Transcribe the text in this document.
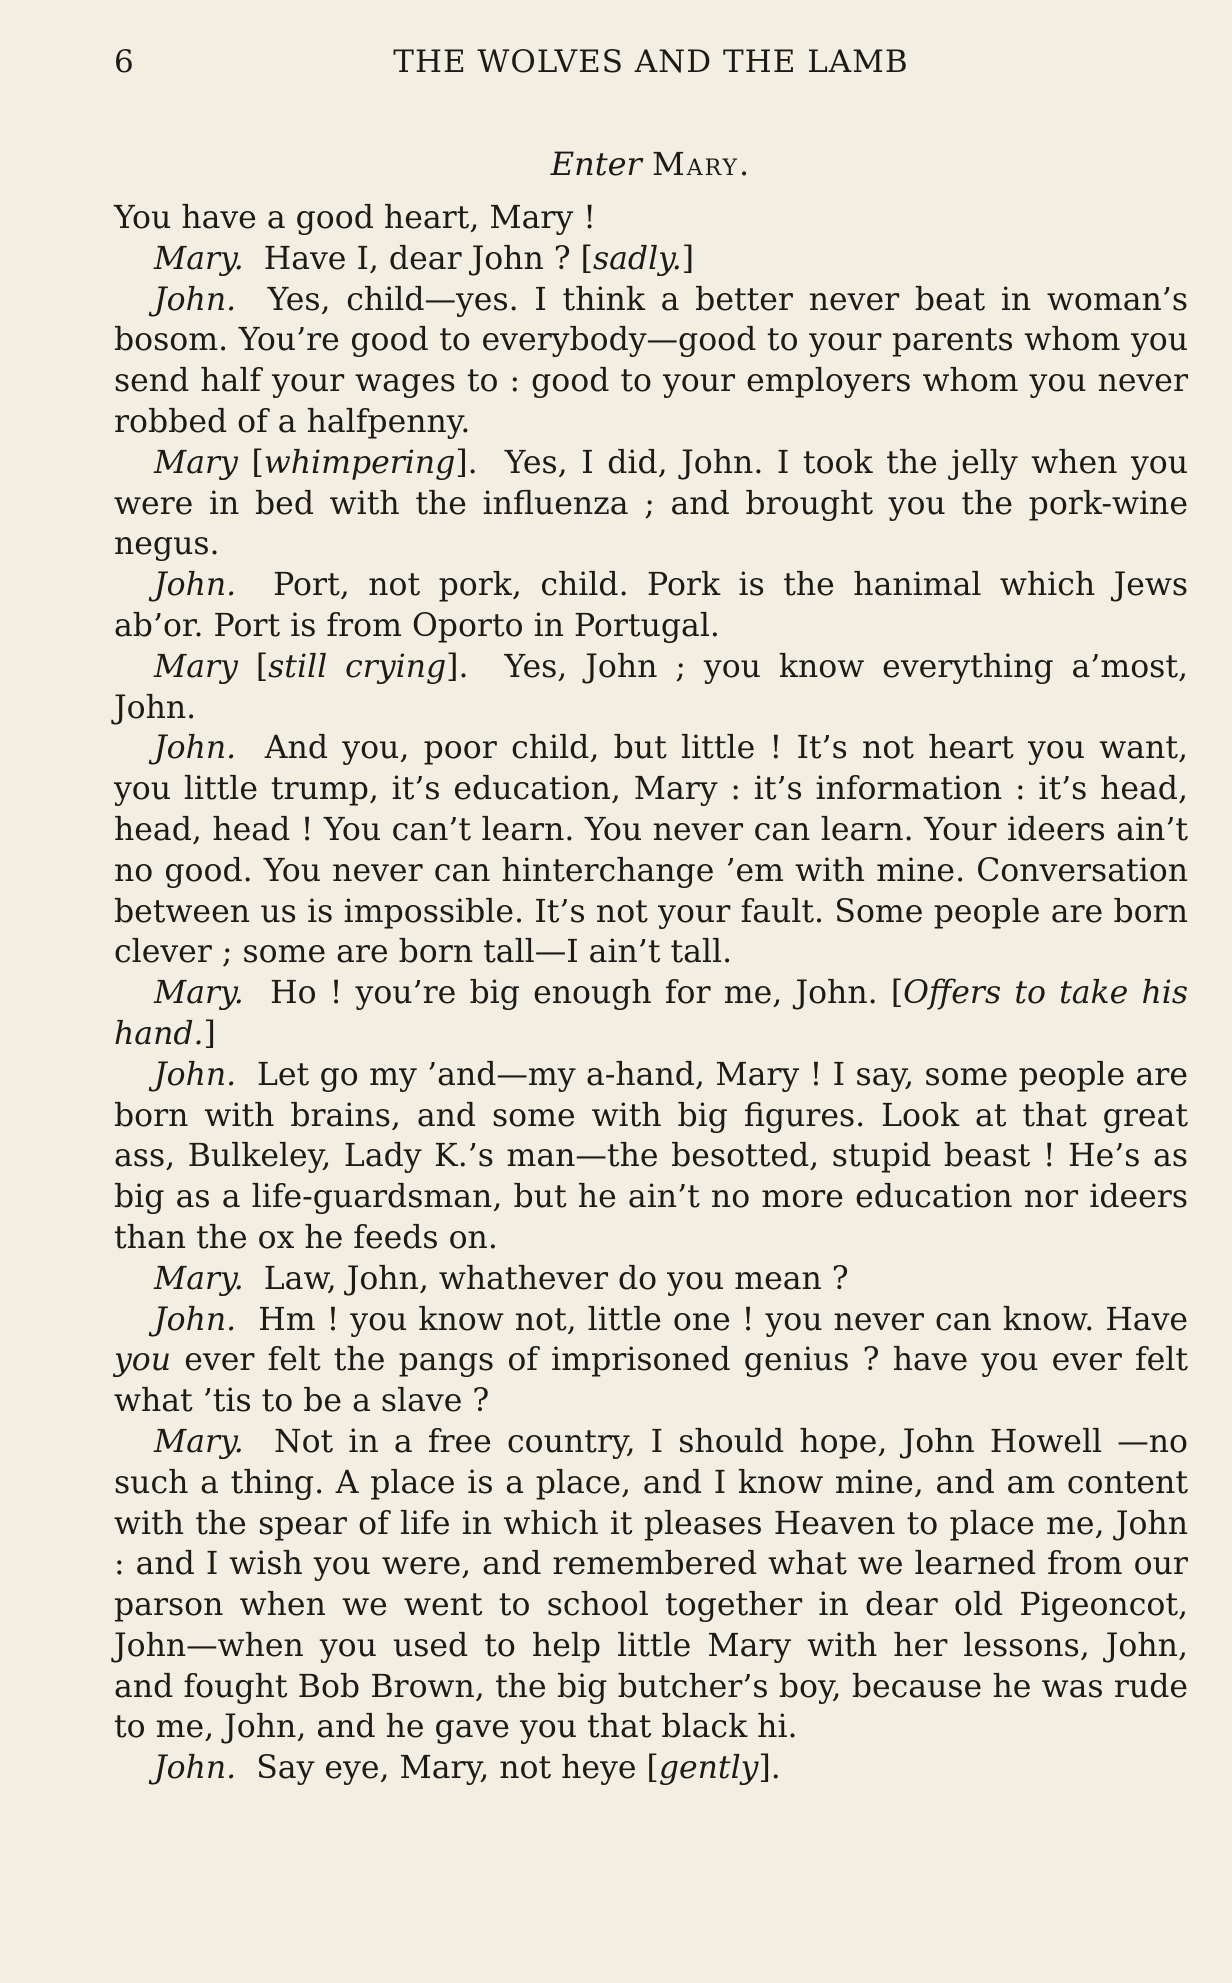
6	THE WOLVES AND THE LAMB
Enter Mary.

You have a good heart, Mary !

Mary. Have I, dear John ? [sadly.]

John. Yes, child—yes. I think a better never beat in woman’s bosom. You’re good to everybody—good to your parents whom you send half your wages to : good to your employers whom you never robbed of a halfpenny.

Mary [whimpering].  Yes, I did, John. I took the jelly when you were in bed with the influenza ; and brought you the pork-wine negus.

John. Port, not pork, child. Pork is the hanimal which Jews ab’or. Port is from Oporto in Portugal.

Mary [still crying].  Yes, John ; you know everything a’most, John.

John. And you, poor child, but little ! It’s not heart you want, you little trump, it’s education, Mary : it’s information : it’s head, head, head ! You can’t learn. You never can learn. Your ideers ain’t no good. You never can hinterchange ’em with mine. Conversation between us is impossible. It’s not your fault. Some people are born clever ; some are born tall—I ain’t tall.

Mary. Ho ! you’re big enough for me, John. [Offers to take his hand.]

John. Let go my ’and—my a-hand, Mary ! I say, some people are born with brains, and some with big figures. Look at that great ass, Bulkeley, Lady K.’s man—the besotted, stupid beast ! He’s as big as a life-guardsman, but he ain’t no more education nor ideers than the ox he feeds on.

Mary. Law, John, whathever do you mean ?

John. Hm ! you know not, little one ! you never can know. Have you ever felt the pangs of imprisoned genius ? have you ever felt what ’tis to be a slave ?

Mary. Not in a free country, I should hope, John Howell —no such a thing. A place is a place, and I know mine, and am content with the spear of life in which it pleases Heaven to place me, John : and I wish you were, and remembered what we learned from our parson when we went to school together in dear old Pigeoncot, John—when you used to help little Mary with her lessons, John, and fought Bob Brown, the big butcher’s boy, because he was rude to me, John, and he gave you that black hi.

John. Say eye, Mary, not heye [gently].
